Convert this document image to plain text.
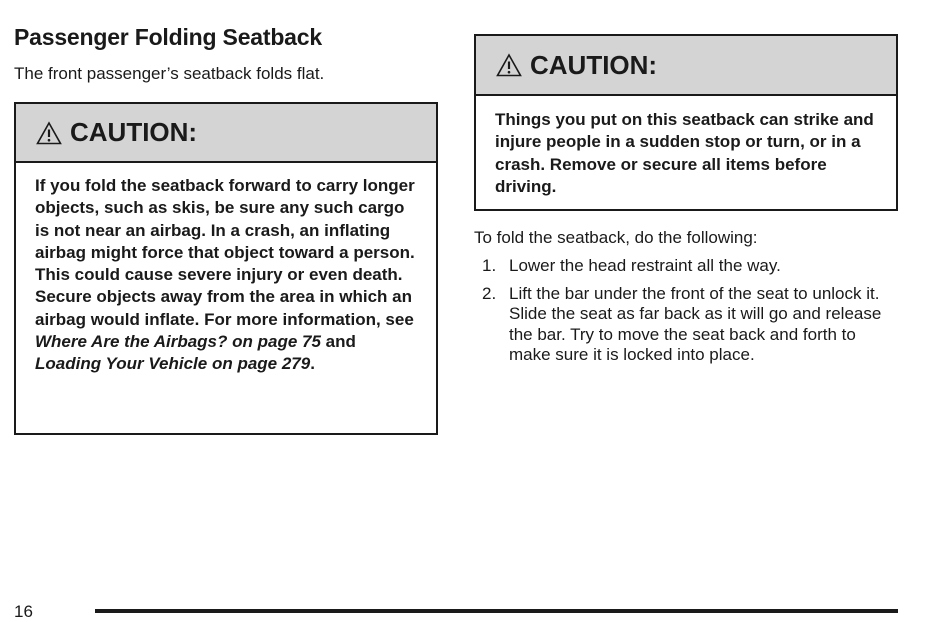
Passenger Folding Seatback

The front passenger’s seatback folds flat.

CAUTION:

If you fold the seatback forward to carry longer objects, such as skis, be sure any such cargo is not near an airbag. In a crash, an inflating airbag might force that object toward a person. This could cause severe injury or even death. Secure objects away from the area in which an airbag would inflate. For more information, see Where Are the Airbags? on page 75 and Loading Your Vehicle on page 279.

CAUTION:

Things you put on this seatback can strike and injure people in a sudden stop or turn, or in a crash. Remove or secure all items before driving.

To fold the seatback, do the following:

1. Lower the head restraint all the way.
2. Lift the bar under the front of the seat to unlock it. Slide the seat as far back as it will go and release the bar. Try to move the seat back and forth to make sure it is locked into place.
16
